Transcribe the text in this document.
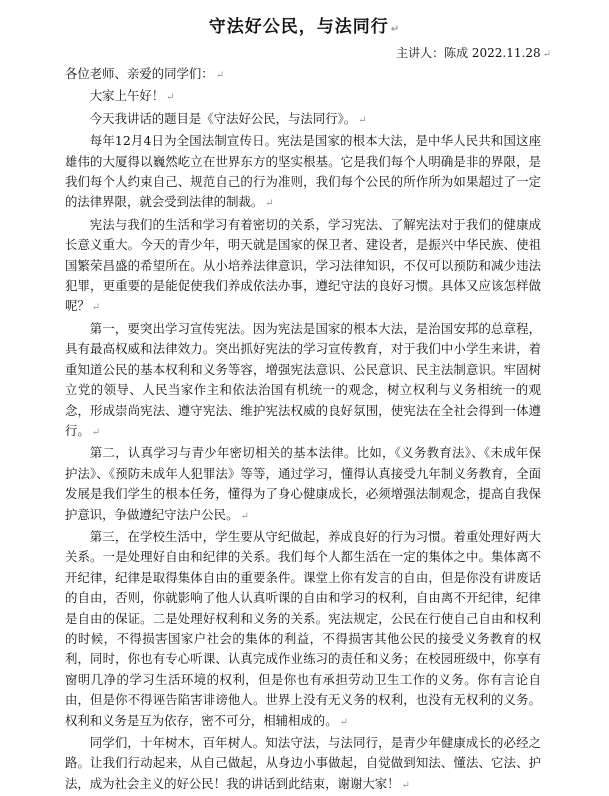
守法好公民，与法同行 ↵
主讲人：陈成 2022.11.28 ↵

各位老师、亲爱的同学们： ↵

大家上午好！ ↵

今天我讲话的题目是《守法好公民，与法同行》。 ↵

每年12月4日为全国法制宣传日。宪法是国家的根本大法，是中华人民共和国这座雄伟的大厦得以巍然屹立在世界东方的坚实根基。它是我们每个人明确是非的界限，是我们每个人约束自己、规范自己的行为准则，我们每个公民的所作所为如果超过了一定的法律界限，就会受到法律的制裁。 ↵

宪法与我们的生活和学习有着密切的关系，学习宪法、了解宪法对于我们的健康成长意义重大。今天的青少年，明天就是国家的保卫者、建设者，是振兴中华民族、使祖国繁荣昌盛的希望所在。从小培养法律意识，学习法律知识，不仅可以预防和减少违法犯罪，更重要的是能促使我们养成依法办事，遵纪守法的良好习惯。具体又应该怎样做呢？ ↵

第一，要突出学习宣传宪法。因为宪法是国家的根本大法，是治国安邦的总章程，具有最高权威和法律效力。突出抓好宪法的学习宣传教育，对于我们中小学生来讲，着重知道公民的基本权利和义务等容，增强宪法意识、公民意识、民主法制意识。牢固树立党的领导、人民当家作主和依法治国有机统一的观念，树立权利与义务相统一的观念，形成崇尚宪法、遵守宪法、维护宪法权威的良好氛围，使宪法在全社会得到一体遵行。 ↵

第二，认真学习与青少年密切相关的基本法律。比如，《义务教育法》、《未成年保护法》、《预防未成年人犯罪法》等等，通过学习，懂得认真接受九年制义务教育，全面发展是我们学生的根本任务，懂得为了身心健康成长，必须增强法制观念，提高自我保护意识，争做遵纪守法户公民。 ↵

第三，在学校生活中，学生要从守纪做起，养成良好的行为习惯。着重处理好两大关系。一是处理好自由和纪律的关系。我们每个人都生活在一定的集体之中。集体离不开纪律，纪律是取得集体自由的重要条件。课堂上你有发言的自由，但是你没有讲废话的自由，否则，你就影响了他人认真听课的自由和学习的权利，自由离不开纪律，纪律是自由的保证。二是处理好权利和义务的关系。宪法规定，公民在行使自己自由和权利的时候，不得损害国家户社会的集体的利益，不得损害其他公民的接受义务教育的权利，同时，你也有专心听课、认真完成作业练习的责任和义务；在校园班级中，你享有窗明几净的学习生活环境的权利，但是你也有承担劳动卫生工作的义务。你有言论自由，但是你不得诬告陷害诽谤他人。世界上没有无义务的权利，也没有无权利的义务。权利和义务是互为依存，密不可分，相辅相成的。 ↵

同学们，十年树木，百年树人。知法守法，与法同行，是青少年健康成长的必经之路。让我们行动起来，从自己做起，从身边小事做起，自觉做到知法、懂法、它法、护法，成为社会主义的好公民！我的讲话到此结束，谢谢大家！ ↵
